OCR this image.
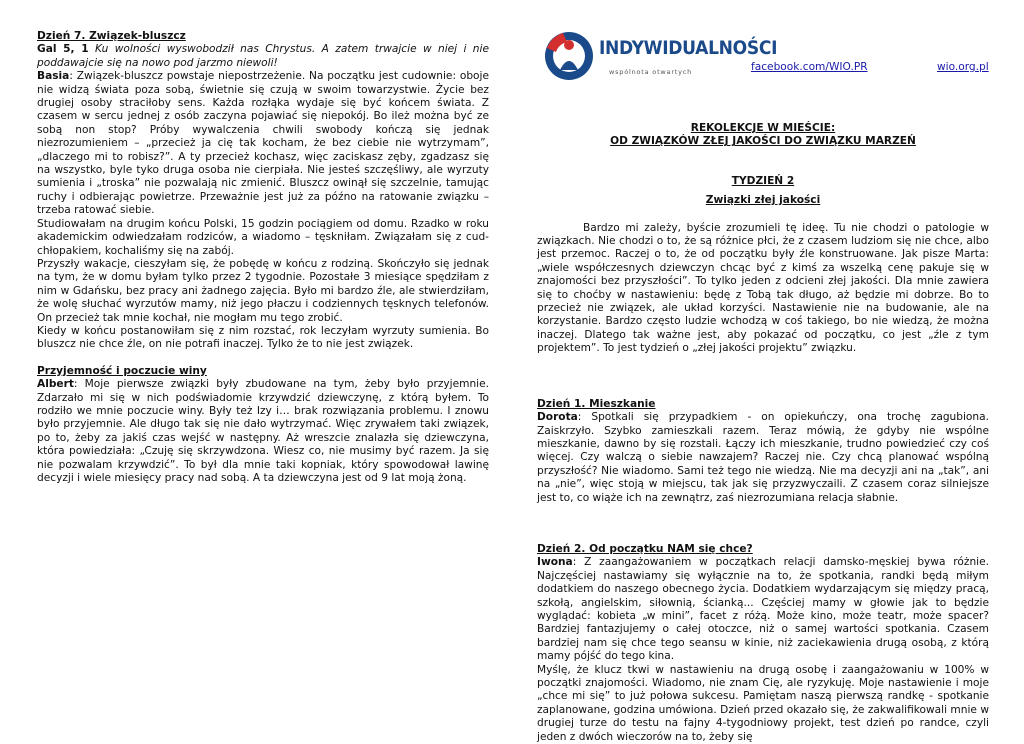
Dzień 7. Związek-bluszcz

Gal 5, 1 Ku wolności wyswobodził nas Chrystus. A zatem trwajcie w niej i nie poddawajcie się na nowo pod jarzmo niewoli!

Basia: Związek-bluszcz powstaje niepostrzeżenie. Na początku jest cudownie: oboje nie widzą świata poza sobą, świetnie się czują w swoim towarzystwie. Życie bez drugiej osoby straciłoby sens. Każda rozłąka wydaje się być końcem świata. Z czasem w sercu jednej z osób zaczyna pojawiać się niepokój. Bo ileż można być ze sobą non stop? Próby wywalczenia chwili swobody kończą się jednak niezrozumieniem – „przecież ja cię tak kocham, że bez ciebie nie wytrzymam”, „dlaczego mi to robisz?”. A ty przecież kochasz, więc zaciskasz zęby, zgadzasz się na wszystko, byle tyko druga osoba nie cierpiała. Nie jesteś szczęśliwy, ale wyrzuty sumienia i „troska” nie pozwalają nic zmienić. Bluszcz owinął się szczelnie, tamując ruchy i odbierając powietrze. Przeważnie jest już za późno na ratowanie związku – trzeba ratować siebie.

Studiowałam na drugim końcu Polski, 15 godzin pociągiem od domu. Rzadko w roku akademickim odwiedzałam rodziców, a wiadomo – tęskniłam. Związałam się z cud-chłopakiem, kochaliśmy się na zabój.

Przyszły wakacje, cieszyłam się, że pobędę w końcu z rodziną. Skończyło się jednak na tym, że w domu byłam tylko przez 2 tygodnie. Pozostałe 3 miesiące spędziłam z nim w Gdańsku, bez pracy ani żadnego zajęcia. Było mi bardzo źle, ale stwierdziłam, że wolę słuchać wyrzutów mamy, niż jego płaczu i codziennych tęsknych telefonów. On przecież tak mnie kochał, nie mogłam mu tego zrobić.

Kiedy w końcu postanowiłam się z nim rozstać, rok leczyłam wyrzuty sumienia. Bo bluszcz nie chce źle, on nie potrafi inaczej. Tylko że to nie jest związek.

Przyjemność i poczucie winy

Albert: Moje pierwsze związki były zbudowane na tym, żeby było przyjemnie. Zdarzało mi się w nich podświadomie krzywdzić dziewczynę, z którą byłem. To rodziło we mnie poczucie winy. Były też Izy i… brak rozwiązania problemu. I znowu było przyjemnie. Ale długo tak się nie dało wytrzymać. Więc zrywałem taki związek, po to, żeby za jakiś czas wejść w następny. Aż wreszcie znalazła się dziewczyna, która powiedziała: „Czuję się skrzywdzona. Wiesz co, nie musimy być razem. Ja się nie pozwalam krzywdzić”. To był dla mnie taki kopniak, który spowodował lawinę decyzji i wiele miesięcy pracy nad sobą. A ta dziewczyna jest od 9 lat moją żoną.

INDYWIDUALNOŚCI
wspólnota otwartych	facebook.com/WIO.PR	wio.org.pl

REKOLEKCJE W MIEŚCIE:

OD ZWIĄZKÓW ZŁEJ JAKOŚCI DO ZWIĄZKU MARZEŃ

TYDZIEŃ 2

Związki złej jakości

Bardzo mi zależy, byście zrozumieli tę ideę. Tu nie chodzi o patologie w związkach. Nie chodzi o to, że są różnice płci, że z czasem ludziom się nie chce, albo jest przemoc. Raczej o to, że od początku były źle konstruowane. Jak pisze Marta: „wiele współczesnych dziewczyn chcąc być z kimś za wszelką cenę pakuje się w znajomości bez przyszłości”. To tylko jeden z odcieni złej jakości. Dla mnie zawiera się to choćby w nastawieniu: będę z Tobą tak długo, aż będzie mi dobrze. Bo to przecież nie związek, ale układ korzyści. Nastawienie nie na budowanie, ale na korzystanie. Bardzo często ludzie wchodzą w coś takiego, bo nie wiedzą, że można inaczej. Dlatego tak ważne jest, aby pokazać od początku, co jest „źle z tym projektem”. To jest tydzień o „złej jakości projektu” związku.

Dzień 1. Mieszkanie

Dorota: Spotkali się przypadkiem - on opiekuńczy, ona trochę zagubiona. Zaiskrzyło. Szybko zamieszkali razem. Teraz mówią, że gdyby nie wspólne mieszkanie, dawno by się rozstali. Łączy ich mieszkanie, trudno powiedzieć czy coś więcej. Czy walczą o siebie nawzajem? Raczej nie. Czy chcą planować wspólną przyszłość? Nie wiadomo. Sami też tego nie wiedzą. Nie ma decyzji ani na „tak”, ani na „nie”, więc stoją w miejscu, tak jak się przyzwyczaili. Z czasem coraz silniejsze jest to, co wiąże ich na zewnątrz, zaś niezrozumiana relacja słabnie.

Dzień 2. Od początku NAM się chce?

Iwona: Z zaangażowaniem w początkach relacji damsko-męskiej bywa różnie. Najczęściej nastawiamy się wyłącznie na to, że spotkania, randki będą miłym dodatkiem do naszego obecnego życia. Dodatkiem wydarzającym się między pracą, szkołą, angielskim, siłownią, ścianką... Częściej mamy w głowie jak to będzie wyglądać: kobieta „w mini”, facet z różą. Może kino, może teatr, może spacer? Bardziej fantazjujemy o całej otoczce, niż o samej wartości spotkania. Czasem bardziej nam się chce tego seansu w kinie, niż zaciekawienia drugą osobą, z którą mamy pójść do tego kina.

Myślę, że klucz tkwi w nastawieniu na drugą osobę i zaangażowaniu w 100% w początki znajomości. Wiadomo, nie znam Cię, ale ryzykuję. Moje nastawienie i moje „chce mi się” to już połowa sukcesu. Pamiętam naszą pierwszą randkę - spotkanie zaplanowane, godzina umówiona. Dzień przed okazało się, że zakwalifikowali mnie w drugiej turze do testu na fajny 4-tygodniowy projekt, test dzień po randce, czyli jeden z dwóch wieczorów na to, żeby się
